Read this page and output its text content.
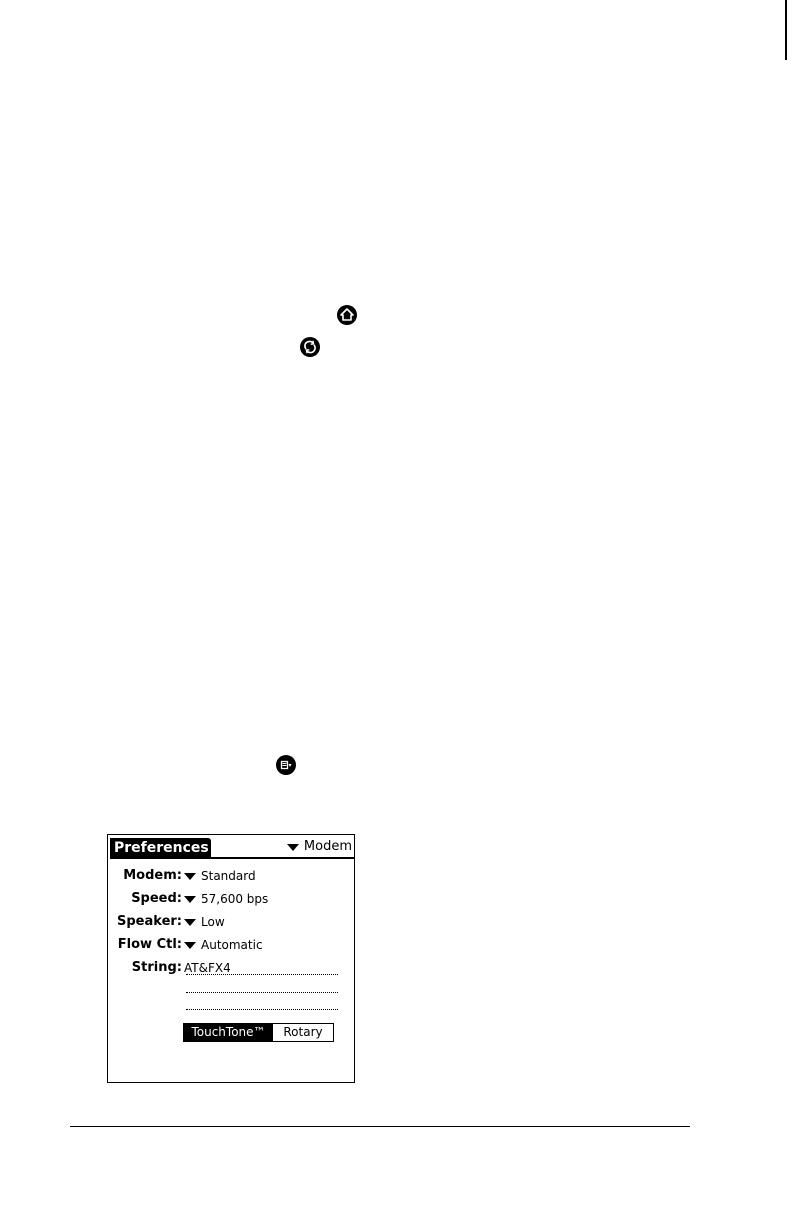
Preferences	Modem
Modem: Standard
Speed: 57,600 bps
Speaker: Low
Flow Ctl: Automatic
String: AT&FX4
TouchTone™	Rotary
